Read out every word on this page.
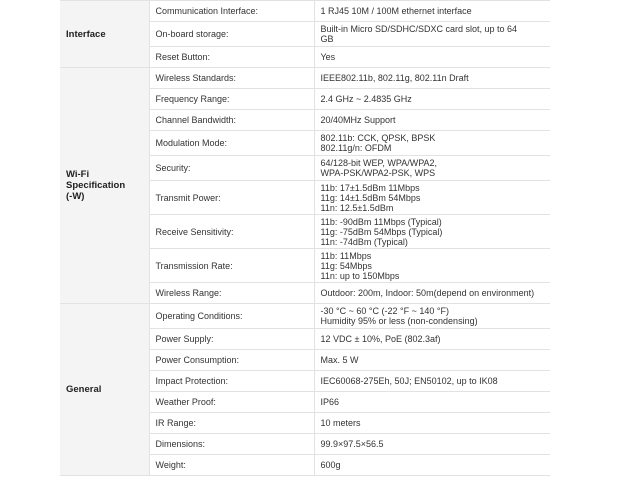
Interface	Communication Interface:	1 RJ45 10M / 100M ethernet interface

	On-board storage:	Built-in Micro SD/SDHC/SDXC card slot, up to 64
GB

	Reset Button:	Yes

Wi-Fi
Specification
(-W)	Wireless Standards:	IEEE802.11b, 802.11g, 802.11n Draft

	Frequency Range:	2.4 GHz ~ 2.4835 GHz

	Channel Bandwidth:	20/40MHz Support

	Modulation Mode:	802.11b: CCK, QPSK, BPSK
802.11g/n: OFDM

	Security:	64/128-bit WEP, WPA/WPA2,
WPA-PSK/WPA2-PSK, WPS

	Transmit Power:	11b: 17±1.5dBm 11Mbps
11g: 14±1.5dBm 54Mbps
11n: 12.5±1.5dBm

	Receive Sensitivity:	11b: -90dBm 11Mbps (Typical)
11g: -75dBm 54Mbps (Typical)
11n: -74dBm (Typical)

	Transmission Rate:	11b: 11Mbps
11g: 54Mbps
11n: up to 150Mbps

	Wireless Range:	Outdoor: 200m, Indoor: 50m(depend on environment)

General	Operating Conditions:	-30 °C ~ 60 °C (-22 °F ~ 140 °F)
Humidity 95% or less (non-condensing)

	Power Supply:	12 VDC ± 10%, PoE (802.3af)

	Power Consumption:	Max. 5 W

	Impact Protection:	IEC60068-275Eh, 50J; EN50102, up to IK08

	Weather Proof:	IP66

	IR Range:	10 meters

	Dimensions:	99.9×97.5×56.5

	Weight:	600g
